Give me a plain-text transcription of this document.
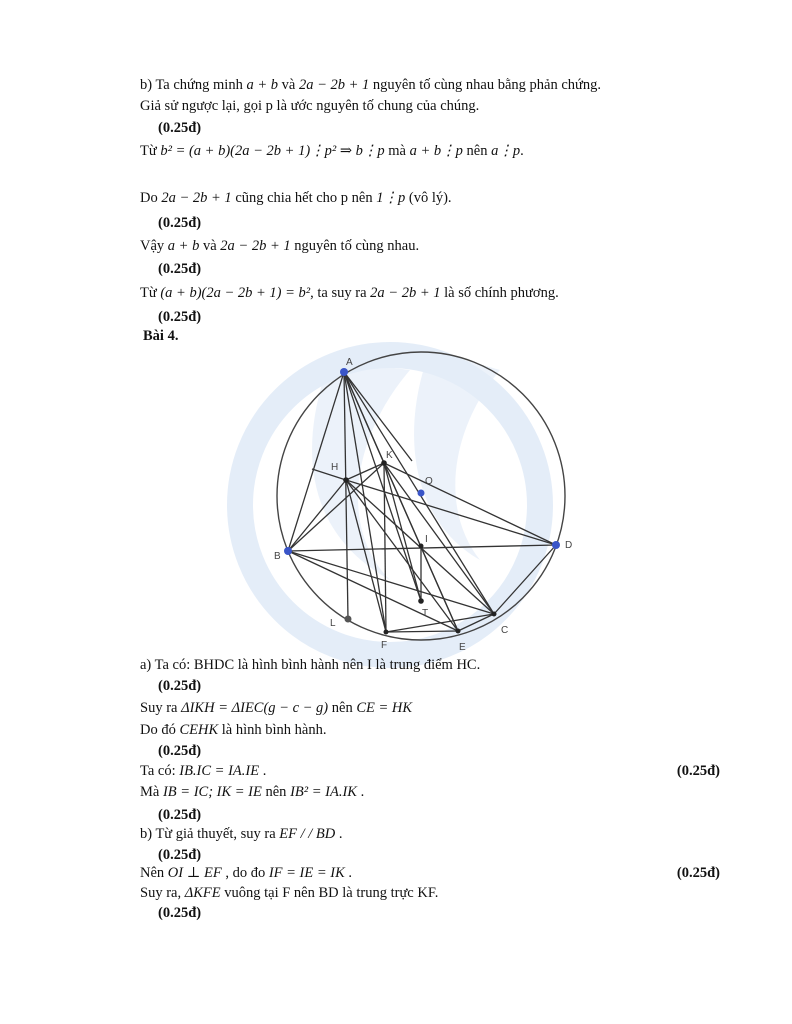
b) Ta chứng minh a + b và 2a − 2b + 1 nguyên tố cùng nhau bằng phản chứng.
Giả sử ngược lại, gọi p là ước nguyên tố chung của chúng.
(0.25đ)
Từ b² = (a + b)(2a − 2b + 1)⋮p² ⇒ b⋮p mà a + b⋮p nên a⋮p.
Do 2a − 2b + 1 cũng chia hết cho p nên 1⋮p (vô lý).
(0.25đ)
Vậy a + b và 2a − 2b + 1 nguyên tố cùng nhau.
(0.25đ)
Từ (a + b)(2a − 2b + 1) = b², ta suy ra 2a − 2b + 1 là số chính phương.
(0.25đ)
Bài 4.
A
B
C
D
E
F
H
I
K
L
O
T
a) Ta có: BHDC là hình bình hành nên I là trung điểm HC.
(0.25đ)
Suy ra ΔIKH = ΔIEC(g − c − g) nên CE = HK
Do đó CEHK là hình bình hành.
(0.25đ)
Ta có: IB.IC = IA.IE .	(0.25đ)
Mà IB = IC; IK = IE nên IB² = IA.IK .
(0.25đ)
b) Từ giả thuyết, suy ra EF / / BD .
(0.25đ)
Nên OI ⊥ EF , do đo IF = IE = IK .	(0.25đ)
Suy ra, ΔKFE vuông tại F nên BD là trung trực KF.
(0.25đ)
